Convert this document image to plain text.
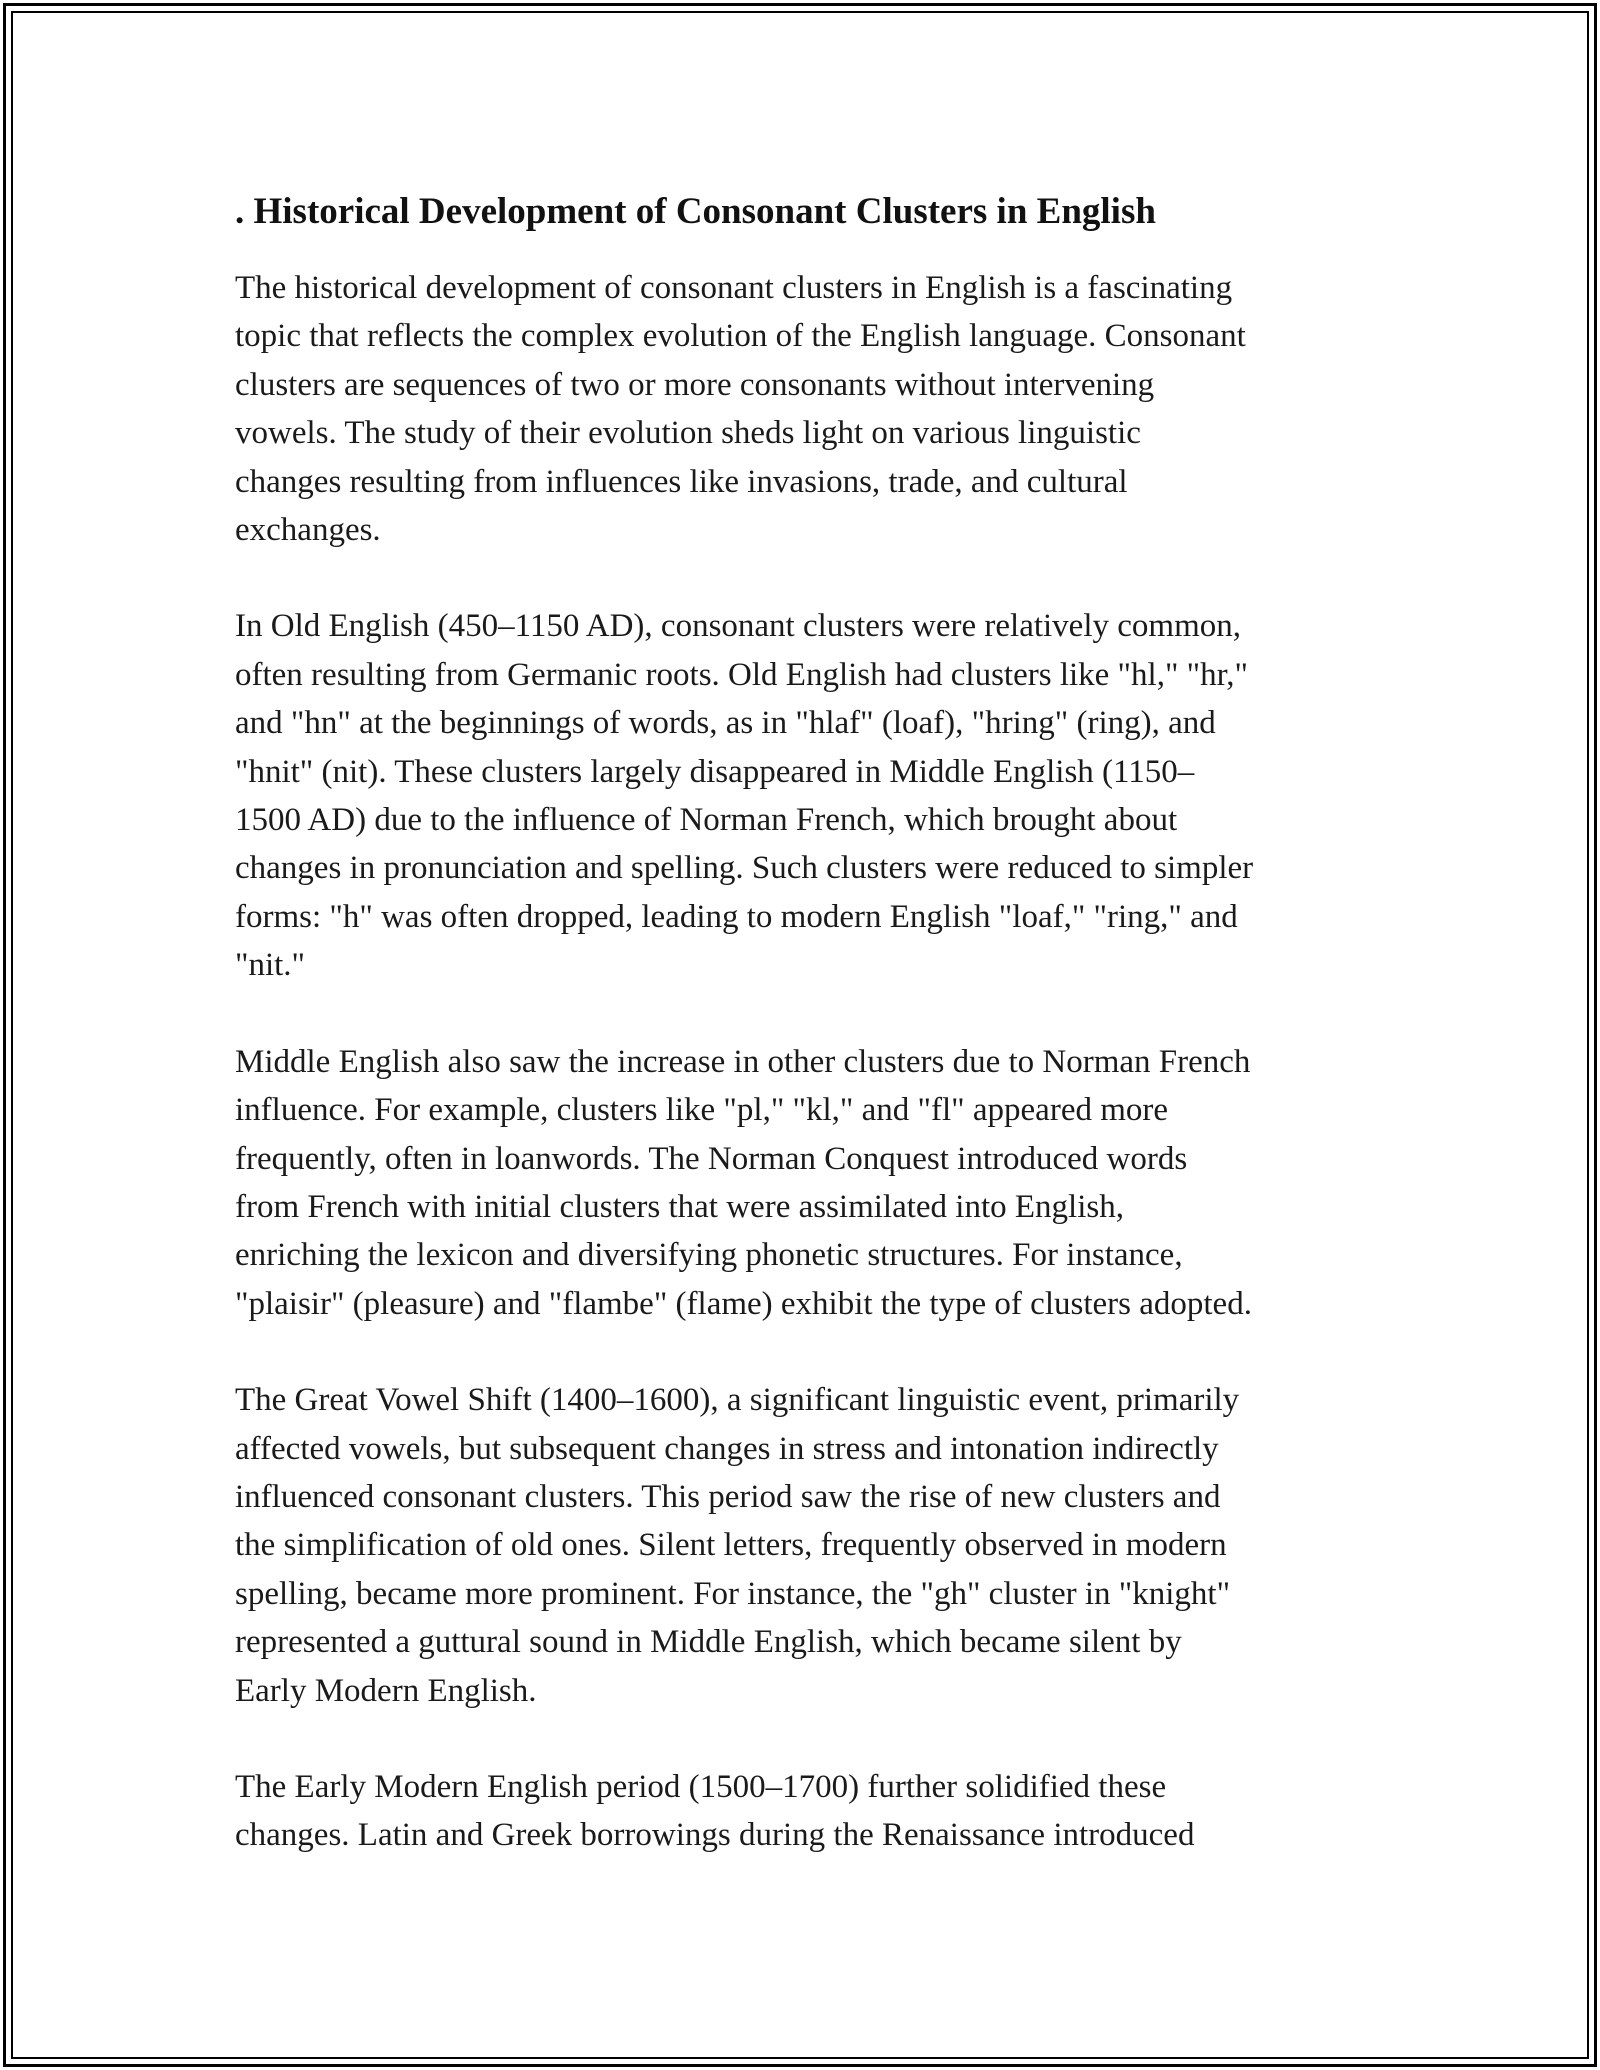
. Historical Development of Consonant Clusters in English

The historical development of consonant clusters in English is a fascinating
topic that reflects the complex evolution of the English language. Consonant
clusters are sequences of two or more consonants without intervening
vowels. The study of their evolution sheds light on various linguistic
changes resulting from influences like invasions, trade, and cultural
exchanges.

In Old English (450–1150 AD), consonant clusters were relatively common,
often resulting from Germanic roots. Old English had clusters like "hl," "hr,"
and "hn" at the beginnings of words, as in "hlaf" (loaf), "hring" (ring), and
"hnit" (nit). These clusters largely disappeared in Middle English (1150–
1500 AD) due to the influence of Norman French, which brought about
changes in pronunciation and spelling. Such clusters were reduced to simpler
forms: "h" was often dropped, leading to modern English "loaf," "ring," and
"nit."

Middle English also saw the increase in other clusters due to Norman French
influence. For example, clusters like "pl," "kl," and "fl" appeared more
frequently, often in loanwords. The Norman Conquest introduced words
from French with initial clusters that were assimilated into English,
enriching the lexicon and diversifying phonetic structures. For instance,
"plaisir" (pleasure) and "flambe" (flame) exhibit the type of clusters adopted.

The Great Vowel Shift (1400–1600), a significant linguistic event, primarily
affected vowels, but subsequent changes in stress and intonation indirectly
influenced consonant clusters. This period saw the rise of new clusters and
the simplification of old ones. Silent letters, frequently observed in modern
spelling, became more prominent. For instance, the "gh" cluster in "knight"
represented a guttural sound in Middle English, which became silent by
Early Modern English.

The Early Modern English period (1500–1700) further solidified these
changes. Latin and Greek borrowings during the Renaissance introduced
